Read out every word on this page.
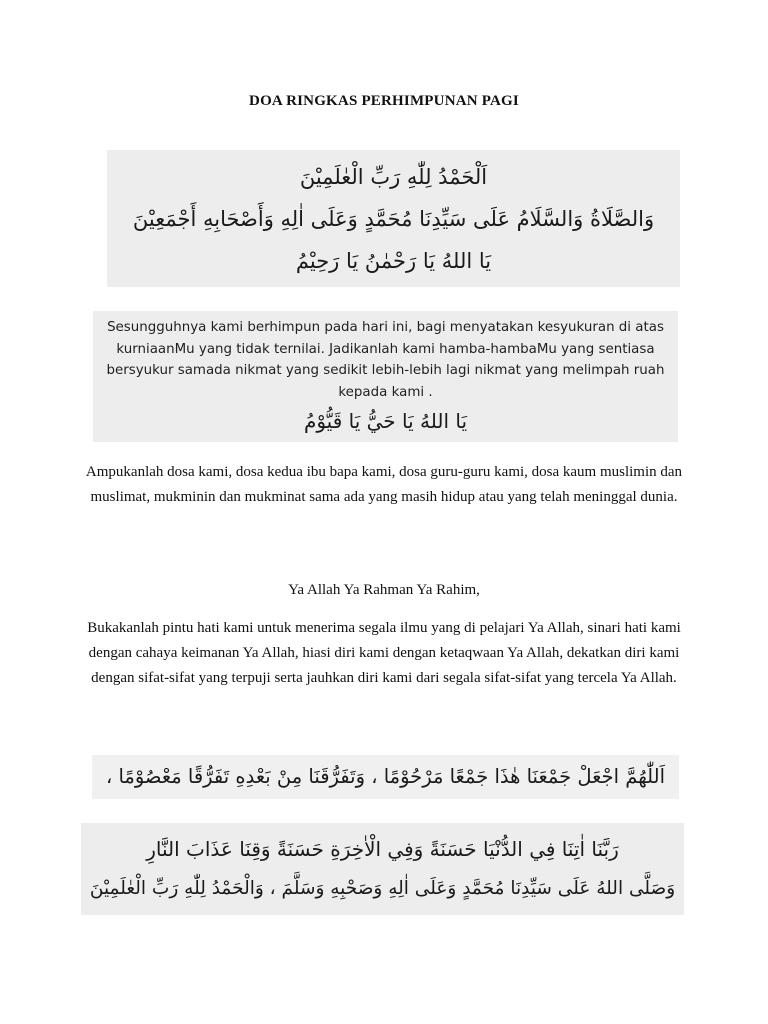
DOA RINGKAS PERHIMPUNAN PAGI
اَلْحَمْدُ لِلّٰهِ رَبِّ الْعٰلَمِيْنَ
وَالصَّلَاةُ وَالسَّلَامُ عَلَى سَيِّدِنَا مُحَمَّدٍ وَعَلَى اٰلِهِ وَأَصْحَابِهِ أَجْمَعِيْنَ
يَا اللهُ يَا رَحْمٰنُ يَا رَحِيْمُ
Sesungguhnya kami berhimpun pada hari ini, bagi menyatakan kesyukuran di atas kurniaanMu yang tidak ternilai. Jadikanlah kami hamba-hambaMu yang sentiasa bersyukur samada nikmat yang sedikit lebih-lebih lagi nikmat yang melimpah ruah kepada kami .
يَا اللهُ يَا حَيُّ يَا قَيُّوْمُ
Ampukanlah dosa kami, dosa kedua ibu bapa kami, dosa guru-guru kami, dosa kaum muslimin dan muslimat, mukminin dan mukminat sama ada yang masih hidup atau yang telah meninggal dunia.
Ya Allah Ya Rahman Ya Rahim,
Bukakanlah pintu hati kami untuk menerima segala ilmu yang di pelajari Ya Allah, sinari hati kami dengan cahaya keimanan Ya Allah, hiasi diri kami dengan ketaqwaan Ya Allah, dekatkan diri kami dengan sifat-sifat yang terpuji serta jauhkan diri kami dari segala sifat-sifat yang tercela Ya Allah.
اَللّٰهُمَّ اجْعَلْ جَمْعَنَا هٰذَا جَمْعًا مَرْحُوْمًا ، وَتَفَرُّقَنَا مِنْ بَعْدِهِ تَفَرُّقًا مَعْصُوْمًا ،
رَبَّنَا اٰتِنَا فِي الدُّنْيَا حَسَنَةً وَفِي الْاٰخِرَةِ حَسَنَةً وَقِنَا عَذَابَ النَّارِ
وَصَلَّى اللهُ عَلَى سَيِّدِنَا مُحَمَّدٍ وَعَلَى اٰلِهِ وَصَحْبِهِ وَسَلَّمَ ، وَالْحَمْدُ لِلّٰهِ رَبِّ الْعٰلَمِيْنَ
